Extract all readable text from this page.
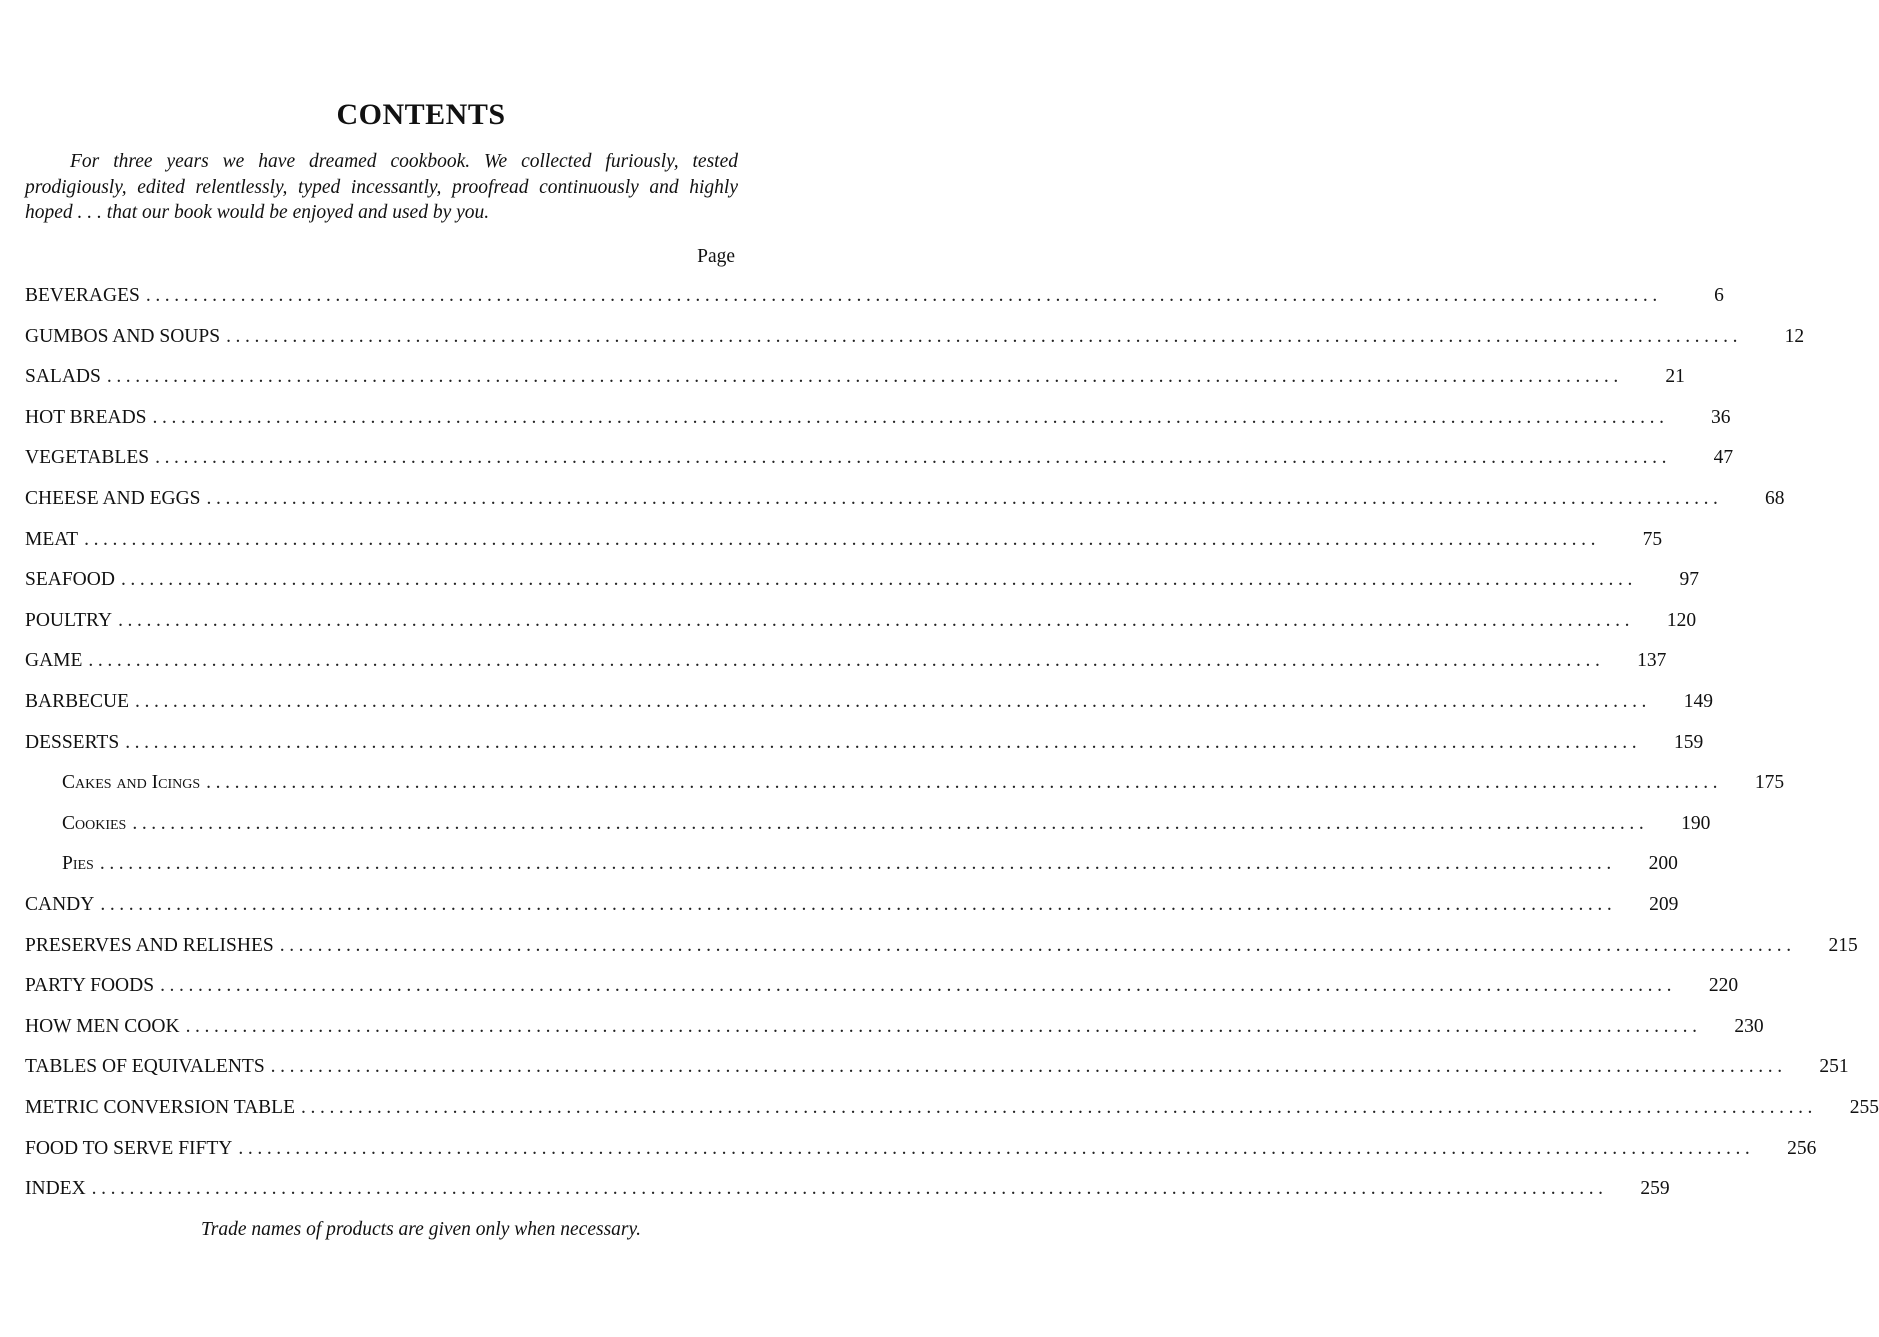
CONTENTS

For three years we have dreamed cookbook. We collected furiously, tested prodigiously, edited relentlessly, typed incessantly, proofread continuously and highly hoped . . . that our book would be enjoyed and used by you.

Page
BEVERAGES ................................................................................................................................................................	6
GUMBOS AND SOUPS ................................................................................................................................................................	12
SALADS ................................................................................................................................................................	21
HOT BREADS ................................................................................................................................................................	36
VEGETABLES ................................................................................................................................................................	47
CHEESE AND EGGS ................................................................................................................................................................	68
MEAT ................................................................................................................................................................	75
SEAFOOD ................................................................................................................................................................	97
POULTRY ................................................................................................................................................................	120
GAME ................................................................................................................................................................	137
BARBECUE ................................................................................................................................................................	149
DESSERTS ................................................................................................................................................................	159
Cakes and Icings ................................................................................................................................................................	175
Cookies ................................................................................................................................................................	190
Pies ................................................................................................................................................................	200
CANDY ................................................................................................................................................................	209
PRESERVES AND RELISHES ................................................................................................................................................................	215
PARTY FOODS ................................................................................................................................................................	220
HOW MEN COOK ................................................................................................................................................................	230
TABLES OF EQUIVALENTS ................................................................................................................................................................	251
METRIC CONVERSION TABLE ................................................................................................................................................................	255
FOOD TO SERVE FIFTY ................................................................................................................................................................	256
INDEX ................................................................................................................................................................	259
Trade names of products are given only when necessary.
